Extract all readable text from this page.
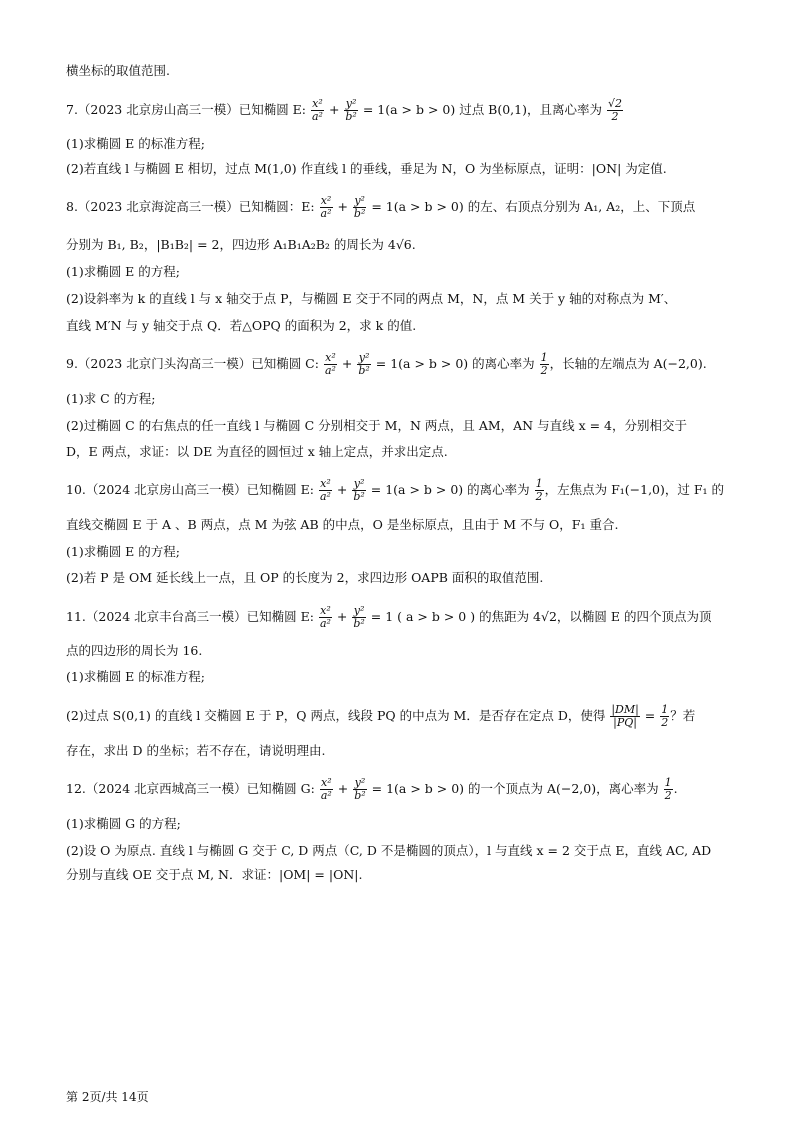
横坐标的取值范围.
7.（2023 北京房山高三一模）已知椭圆 E: $\frac{\text{x²}}{\text{a²}} + \frac{\text{y²}}{\text{b²}} = 1(a > b > 0)$ 过点 B(0,1)，且离心率为 $\frac{√2}{2}$
(1)求椭圆 E 的标准方程;
(2)若直线 l 与椭圆 E 相切，过点 M(1,0) 作直线 l 的垂线，垂足为 N，O 为坐标原点，证明：|ON| 为定值.
8.（2023 北京海淀高三一模）已知椭圆：E: $\frac{\text{x²}}{\text{a²}} + \frac{\text{y²}}{\text{b²}} = 1(a > b > 0)$ 的左、右顶点分别为 A₁, A₂，上、下顶点
分别为 B₁, B₂，|B₁B₂| = 2，四边形 A₁B₁A₂B₂ 的周长为 4√6.
(1)求椭圆 E 的方程;
(2)设斜率为 k 的直线 l 与 x 轴交于点 P，与椭圆 E 交于不同的两点 M，N，点 M 关于 y 轴的对称点为 M′、
直线 M′N 与 y 轴交于点 Q．若△OPQ 的面积为 2，求 k 的值.
9.（2023 北京门头沟高三一模）已知椭圆 C: $\frac{\text{x²}}{\text{a²}} + \frac{\text{y²}}{\text{b²}} = 1(a > b > 0)$ 的离心率为 $\frac{1}{2}$ ，长轴的左端点为 A(−2,0).
(1)求 C 的方程;
(2)过椭圆 C 的右焦点的任一直线 l 与椭圆 C 分别相交于 M，N 两点，且 AM，AN 与直线 x = 4，分别相交于
D，E 两点，求证：以 DE 为直径的圆恒过 x 轴上定点，并求出定点.
10.（2024 北京房山高三一模）已知椭圆 E: $\frac{\text{x²}}{\text{a²}} + \frac{\text{y²}}{\text{b²}} = 1(a > b > 0)$ 的离心率为 $\frac{1}{2}$ ，左焦点为 F₁(−1,0)，过 F₁ 的
直线交椭圆 E 于 A 、B 两点，点 M 为弦 AB 的中点，O 是坐标原点，且由于 M 不与 O，F₁ 重合.
(1)求椭圆 E 的方程;
(2)若 P 是 OM 延长线上一点，且 OP 的长度为 2，求四边形 OAPB 面积的取值范围.
11.（2024 北京丰台高三一模）已知椭圆 E: $\frac{\text{x²}}{\text{a²}} + \frac{\text{y²}}{\text{b²}} = 1$ ( a > b > 0 ) 的焦距为 4√2，以椭圆 E 的四个顶点为顶
点的四边形的周长为 16.
(1)求椭圆 E 的标准方程;
(2)过点 S(0,1) 的直线 l 交椭圆 E 于 P，Q 两点，线段 PQ 的中点为 M．是否存在定点 D，使得 $\frac{|DM|}{|PQ|} = \frac{1}{2}$ ？若
存在，求出 D 的坐标；若不存在，请说明理由.
12.（2024 北京西城高三一模）已知椭圆 G: $\frac{\text{x²}}{\text{a²}} + \frac{\text{y²}}{\text{b²}} = 1(a > b > 0)$ 的一个顶点为 A(−2,0)，离心率为 $\frac{1}{2}$ .
(1)求椭圆 G 的方程;
(2)设 O 为原点. 直线 l 与椭圆 G 交于 C, D 两点（C, D 不是椭圆的顶点），l 与直线 x = 2 交于点 E，直线 AC, AD
分别与直线 OE 交于点 M, N．求证：|OM| = |ON|.
第 2页/共 14页
